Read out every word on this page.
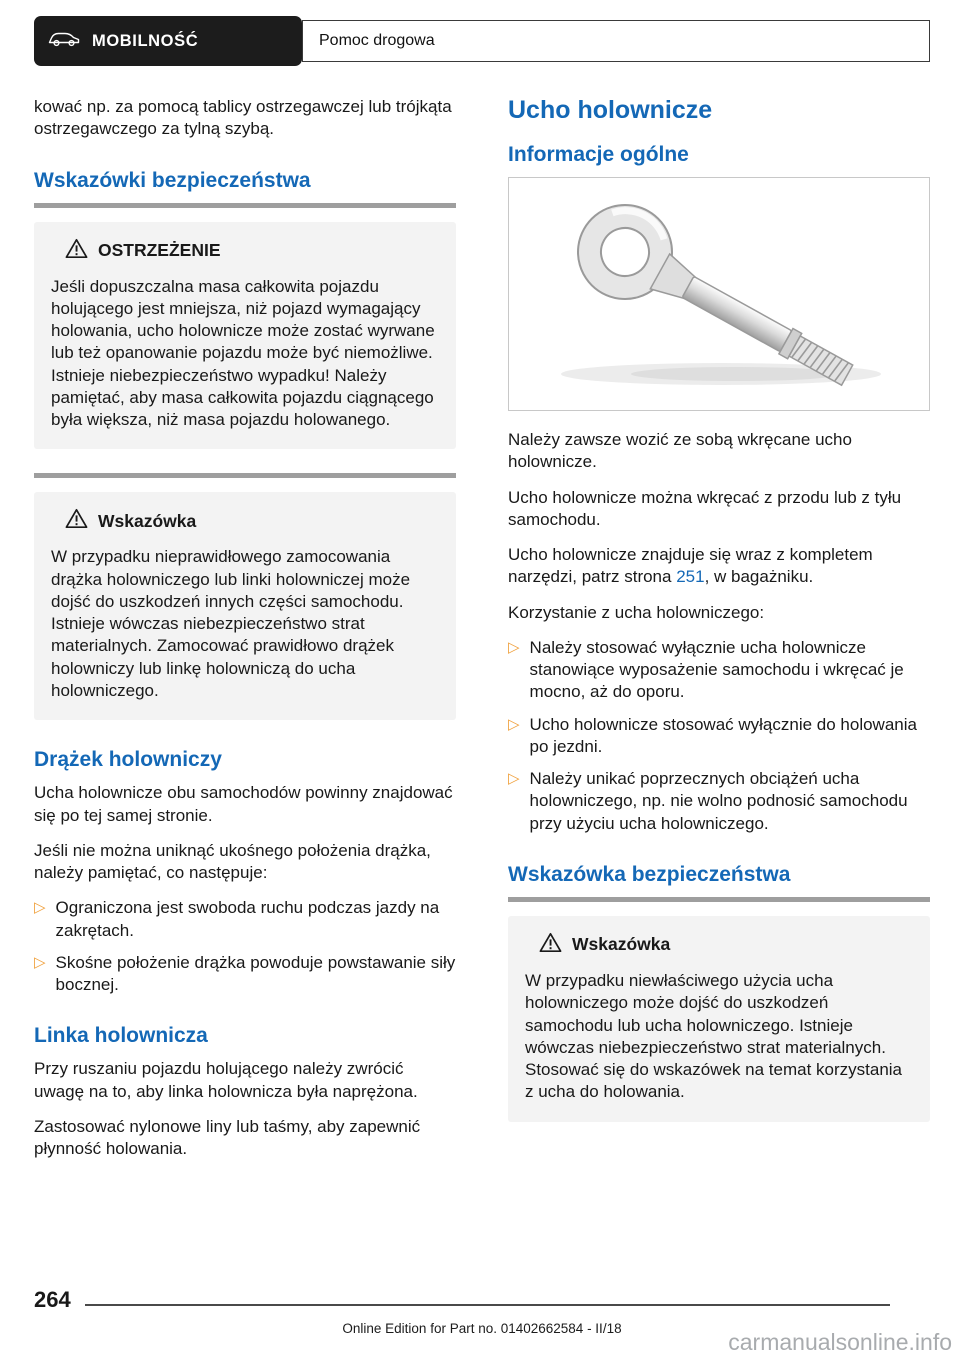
MOBILNOŚĆ	Pomoc drogowa

kować np. za pomocą tablicy ostrzegawczej lub trójkąta ostrzegawczego za tylną szybą.

Wskazówki bezpieczeństwa
OSTRZEŻENIE

Jeśli dopuszczalna masa całkowita pojazdu holującego jest mniejsza, niż pojazd wymagający holowania, ucho holownicze może zostać wyrwane lub też opanowanie pojazdu może być niemożliwe. Istnieje niebezpieczeństwo wypadku! Należy pamiętać, aby masa całkowita pojazdu ciągnącego była większa, niż masa pojazdu holowanego.

Wskazówka

W przypadku nieprawidłowego zamocowania drążka holowniczego lub linki holowniczej może dojść do uszkodzeń innych części samochodu. Istnieje wówczas niebezpieczeństwo strat materialnych. Zamocować prawidłowo drążek holowniczy lub linkę holowniczą do ucha holowniczego.

Drążek holowniczy

Ucha holownicze obu samochodów powinny znajdować się po tej samej stronie.

Jeśli nie można uniknąć ukośnego położenia drążka, należy pamiętać, co następuje:

▷ Ograniczona jest swoboda ruchu podczas jazdy na zakrętach.
▷ Skośne położenie drążka powoduje powstawanie siły bocznej.
Linka holownicza

Przy ruszaniu pojazdu holującego należy zwrócić uwagę na to, aby linka holownicza była naprężona.

Zastosować nylonowe liny lub taśmy, aby zapewnić płynność holowania.

Ucho holownicze
Informacje ogólne

Należy zawsze wozić ze sobą wkręcane ucho holownicze.

Ucho holownicze można wkręcać z przodu lub z tyłu samochodu.

Ucho holownicze znajduje się wraz z kompletem narzędzi, patrz strona 251, w bagażniku.

Korzystanie z ucha holowniczego:

▷ Należy stosować wyłącznie ucha holownicze stanowiące wyposażenie samochodu i wkręcać je mocno, aż do oporu.
▷ Ucho holownicze stosować wyłącznie do holowania po jezdni.
▷ Należy unikać poprzecznych obciążeń ucha holowniczego, np. nie wolno podnosić samochodu przy użyciu ucha holowniczego.
Wskazówka bezpieczeństwa
Wskazówka

W przypadku niewłaściwego użycia ucha holowniczego może dojść do uszkodzeń samochodu lub ucha holowniczego. Istnieje wówczas niebezpieczeństwo strat materialnych. Stosować się do wskazówek na temat korzystania z ucha do holowania.

264
Online Edition for Part no. 01402662584 - II/18
carmanualsonline.info
